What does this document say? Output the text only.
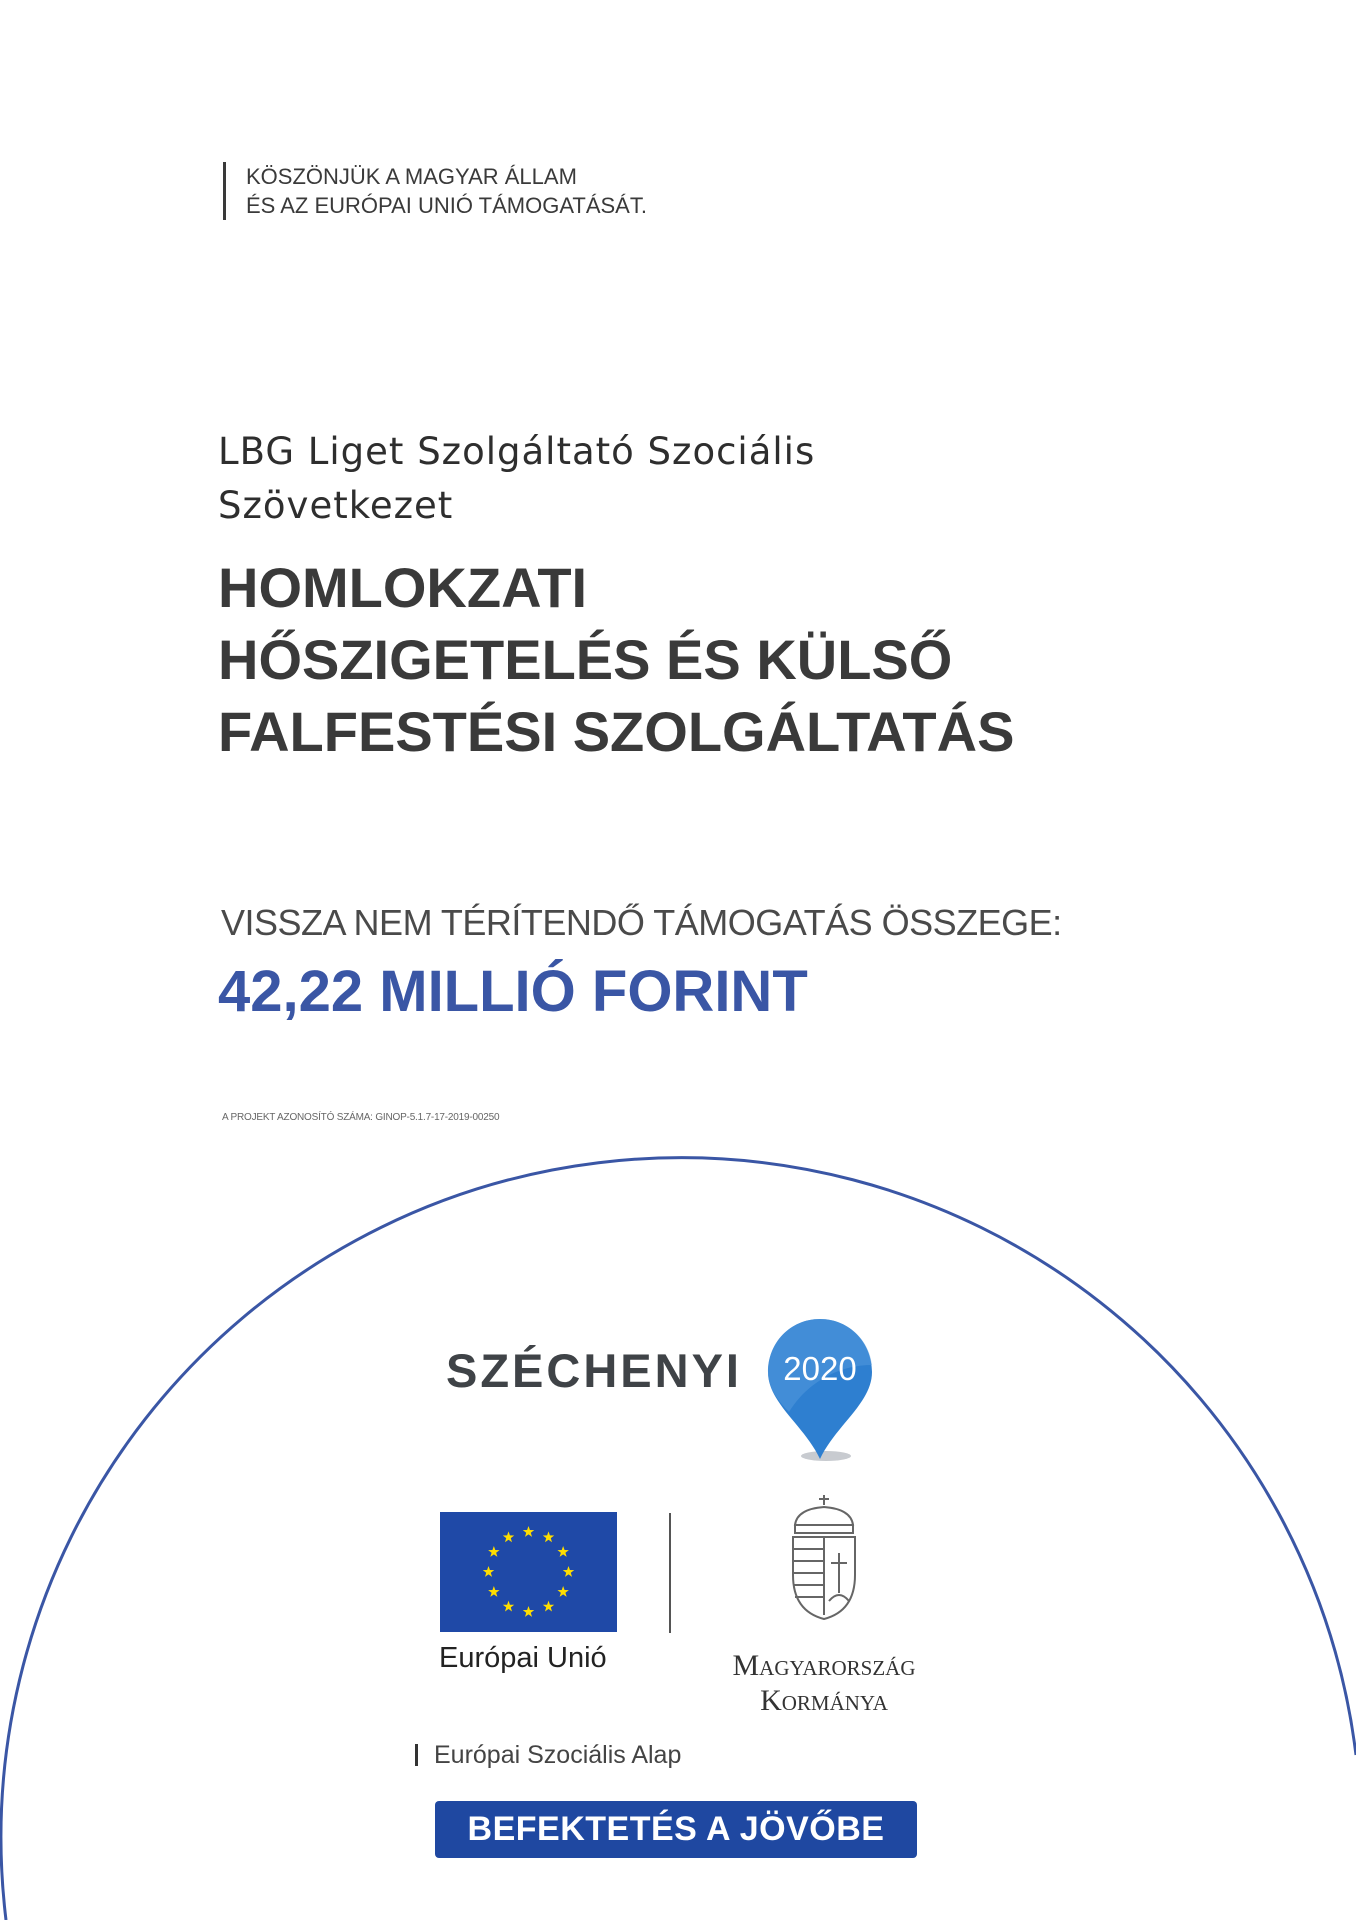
KÖSZÖNJÜK A MAGYAR ÁLLAM
ÉS AZ EURÓPAI UNIÓ TÁMOGATÁSÁT.
LBG Liget Szolgáltató Szociális
Szövetkezet
HOMLOKZATI
HŐSZIGETELÉS ÉS KÜLSŐ
FALFESTÉSI SZOLGÁLTATÁS
VISSZA NEM TÉRÍTENDŐ TÁMOGATÁS ÖSSZEGE:
42,22 MILLIÓ FORINT
A PROJEKT AZONOSÍTÓ SZÁMA: GINOP-5.1.7-17-2019-00250
SZÉCHENYI 2020
Európai Unió	Magyarország
Kormánya
Európai Szociális Alap
BEFEKTETÉS A JÖVŐBE
